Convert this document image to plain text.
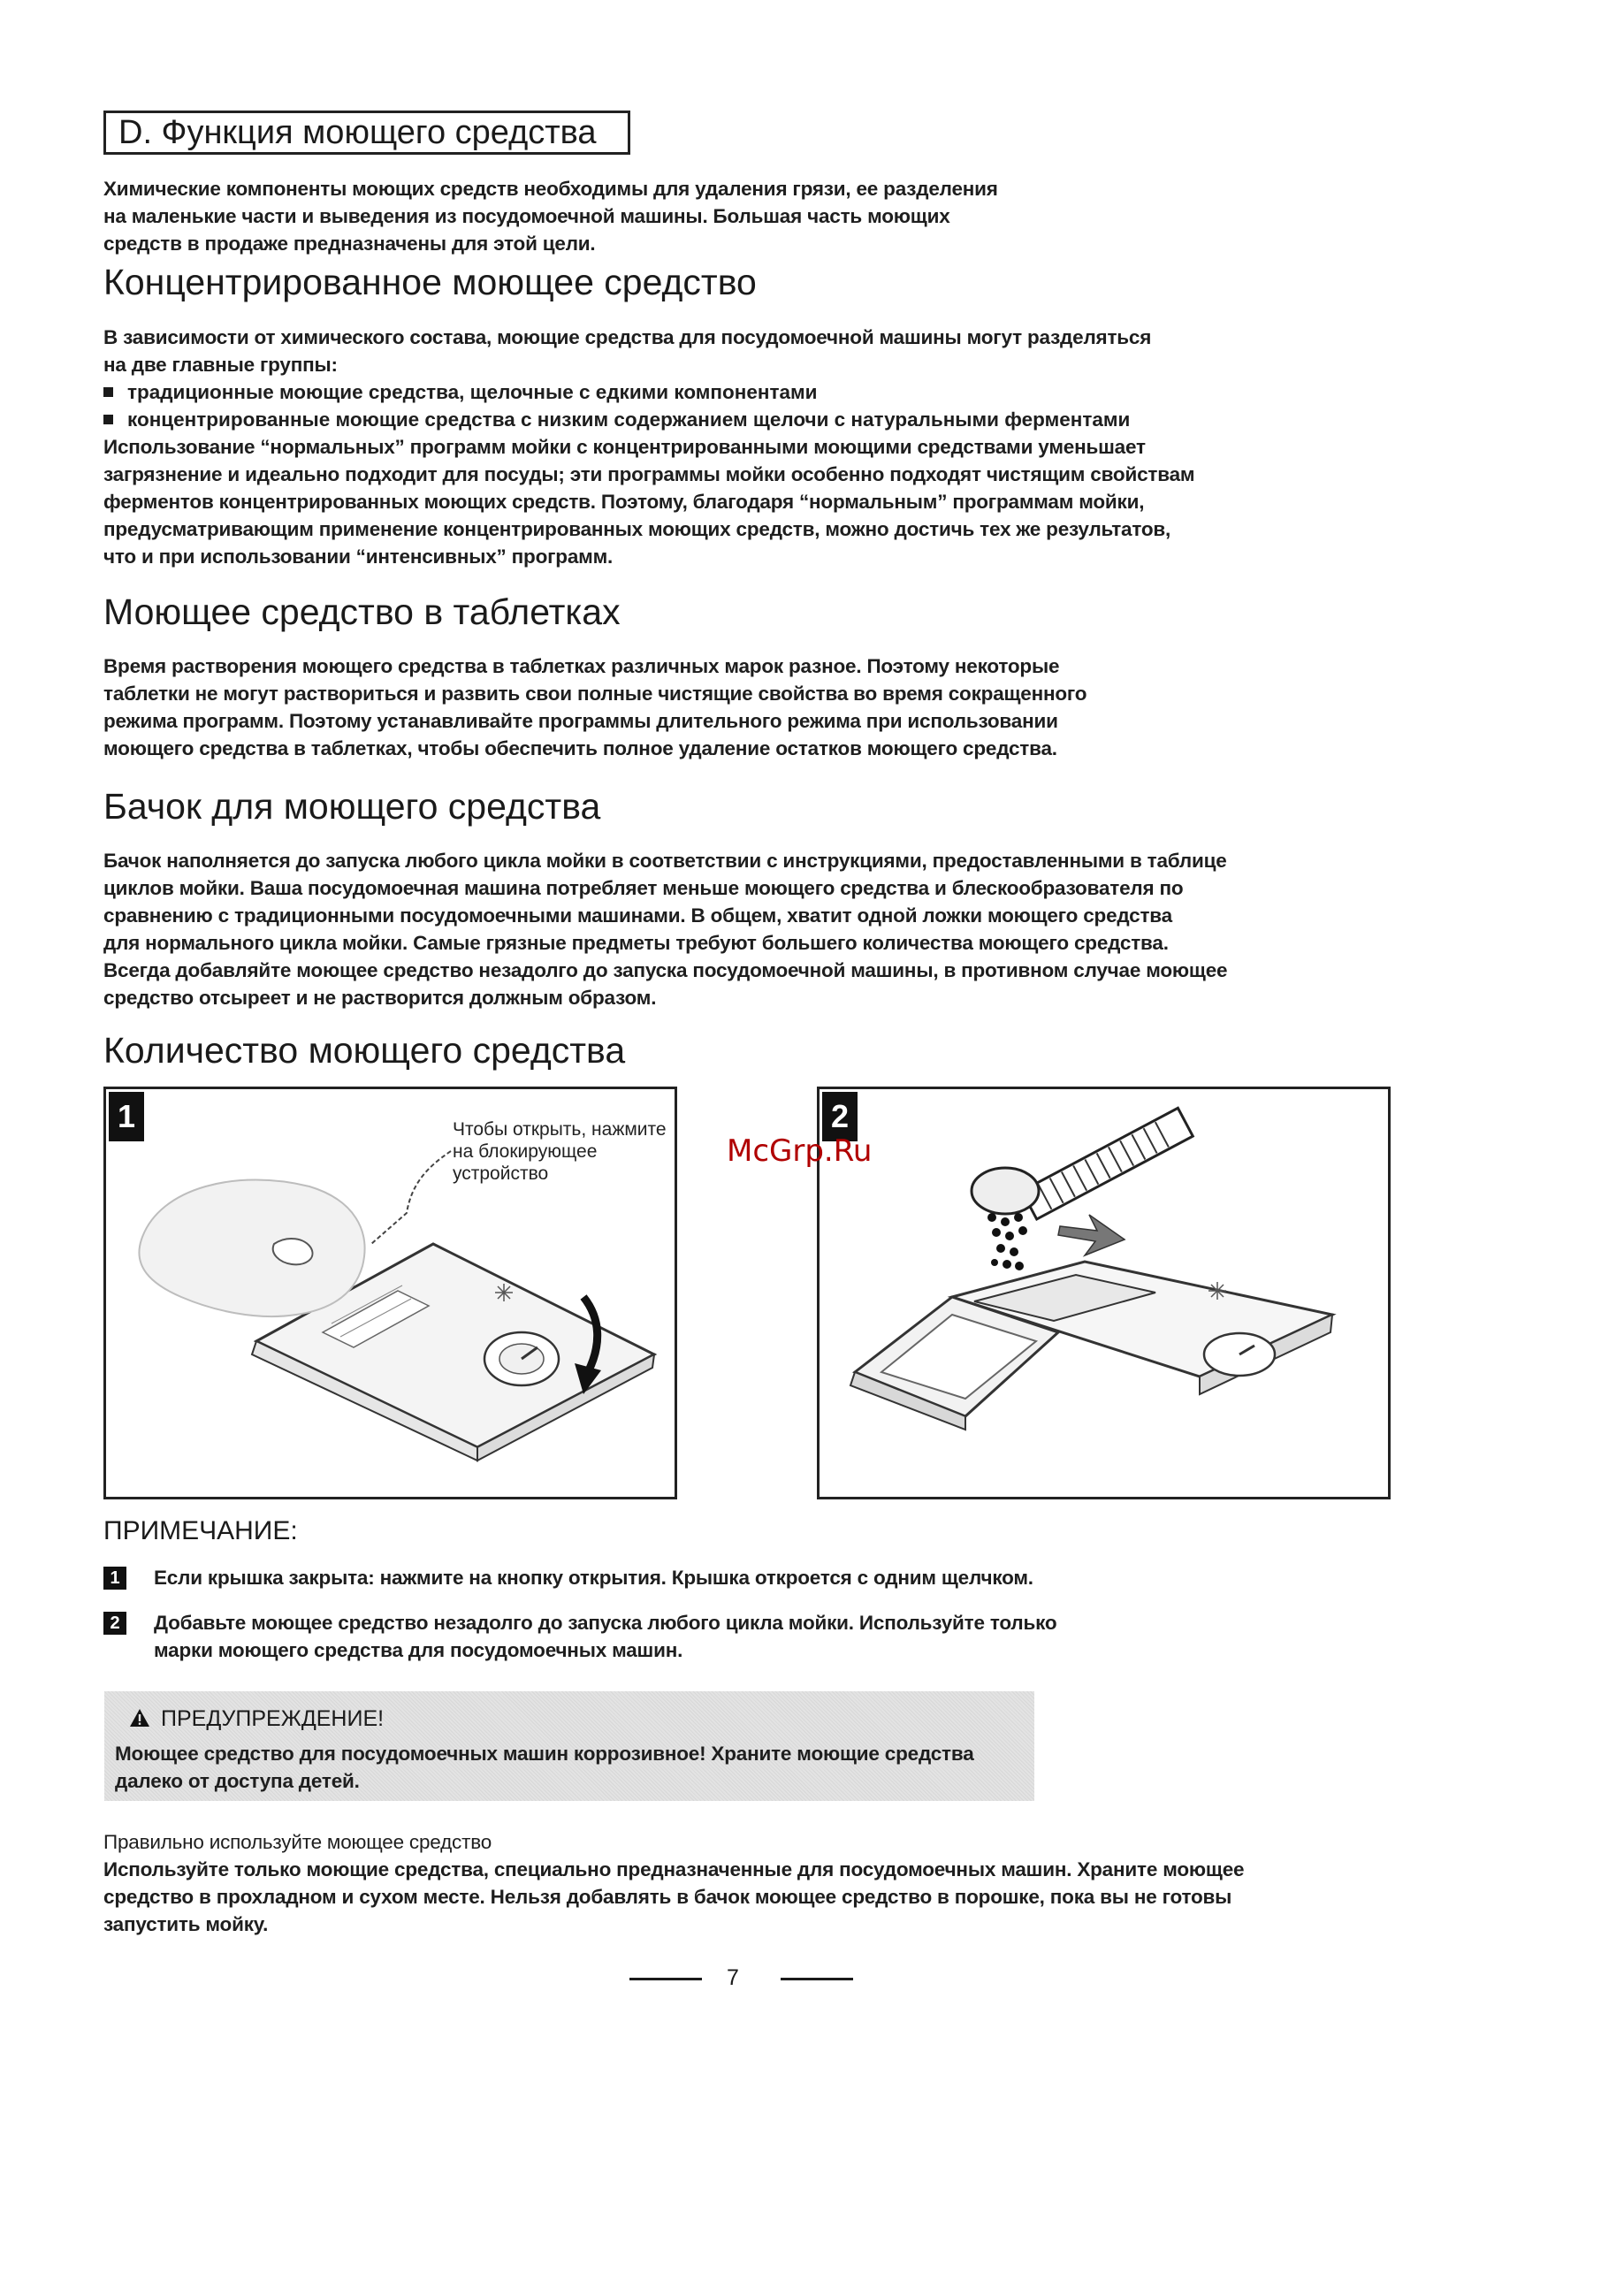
D. Функция моющего средства
Химические компоненты моющих средств необходимы для удаления грязи, ее разделения
на маленькие части и выведения из посудомоечной машины. Большая часть моющих
средств в продаже предназначены для этой цели.
Концентрированное моющее средство
В зависимости от химического состава, моющие средства для посудомоечной машины могут разделяться
на две главные группы:
традиционные моющие средства, щелочные с едкими компонентами
концентрированные моющие средства с низким содержанием щелочи с натуральными ферментами
Использование “нормальных” программ мойки с концентрированными моющими средствами уменьшает
загрязнение и идеально подходит для посуды; эти программы мойки особенно подходят чистящим свойствам
ферментов концентрированных моющих средств. Поэтому, благодаря “нормальным” программам мойки,
предусматривающим применение концентрированных моющих средств, можно достичь тех же результатов,
что и при использовании “интенсивных” программ.
Моющее средство в таблетках
Время растворения моющего средства в таблетках различных марок разное. Поэтому некоторые
таблетки не могут раствориться и развить свои полные чистящие свойства во время сокращенного
режима программ. Поэтому устанавливайте программы длительного режима при использовании
моющего средства в таблетках, чтобы обеспечить полное удаление остатков моющего средства.
Бачок для моющего средства
Бачок наполняется до запуска любого цикла мойки в соответствии с инструкциями, предоставленными в таблице
циклов мойки. Ваша посудомоечная машина потребляет меньше моющего средства и блескообразователя по
сравнению с традиционными посудомоечными машинами. В общем, хватит одной ложки моющего средства
для нормального цикла мойки. Самые грязные предметы требуют большего количества моющего средства.
Всегда добавляйте моющее средство незадолго до запуска посудомоечной машины, в противном случае моющее
средство отсыреет и не растворится должным образом.
Количество моющего средства
1	Чтобы открыть, нажмите
на блокирующее
устройство
2
McGrp.Ru
ПРИМЕЧАНИЕ:
1	Если крышка закрыта: нажмите на кнопку открытия. Крышка откроется с одним щелчком.
2	Добавьте моющее средство незадолго до запуска любого цикла мойки. Используйте только
марки моющего средства для посудомоечных машин.
ПРЕДУПРЕЖДЕНИЕ!
Моющее средство для посудомоечных машин коррозивное! Храните моющие средства
далеко от доступа детей.
Правильно используйте моющее средство
Используйте только моющие средства, специально предназначенные для посудомоечных машин. Храните моющее
средство в прохладном и сухом месте. Нельзя добавлять в бачок моющее средство в порошке, пока вы не готовы
запустить мойку.
7
